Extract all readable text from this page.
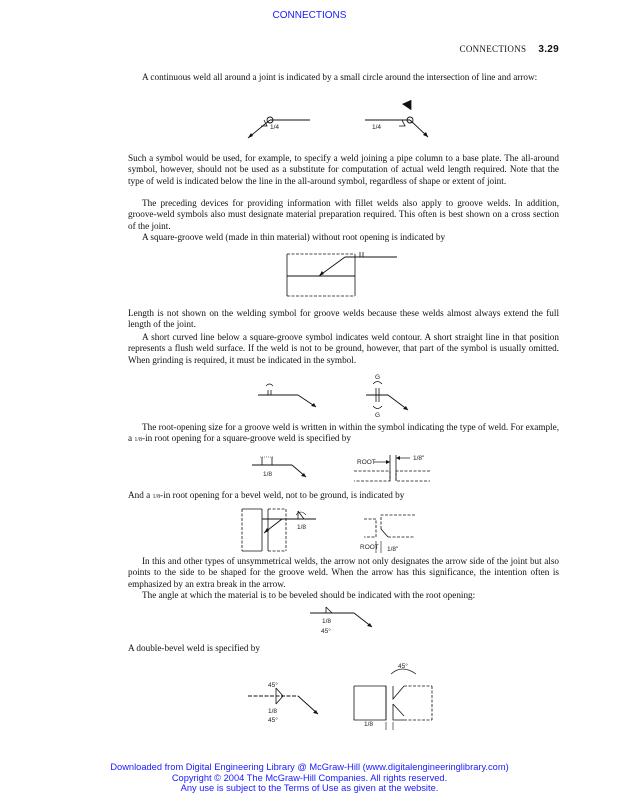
CONNECTIONS
CONNECTIONS 3.29
A continuous weld all around a joint is indicated by a small circle around the intersection of line and arrow:
1/4	1/4
Such a symbol would be used, for example, to specify a weld joining a pipe column to a base plate. The all-around symbol, however, should not be used as a substitute for computation of actual weld length required. Note that the type of weld is indicated below the line in the all-around symbol, regardless of shape or extent of joint.
The preceding devices for providing information with fillet welds also apply to groove welds. In addition, groove-weld symbols also must designate material preparation required. This often is best shown on a cross section of the joint.
A square-groove weld (made in thin material) without root opening is indicated by
Length is not shown on the welding symbol for groove welds because these welds almost always extend the full length of the joint.
A short curved line below a square-groove symbol indicates weld contour. A short straight line in that position represents a flush weld surface. If the weld is not to be ground, however, that part of the symbol is usually omitted. When grinding is required, it must be indicated in the symbol.
G
G
The root-opening size for a groove weld is written in within the symbol indicating the type of weld. For example, a 1/8-in root opening for a square-groove weld is specified by
1/8
ROOT
1/8"
And a 1/8-in root opening for a bevel weld, not to be ground, is indicated by
1/8
ROOT 1/8"
In this and other types of unsymmetrical welds, the arrow not only designates the arrow side of the joint but also points to the side to be shaped for the groove weld. When the arrow has this significance, the intention often is emphasized by an extra break in the arrow.
The angle at which the material is to be beveled should be indicated with the root opening:
1/8
45°
A double-bevel weld is specified by
45°
1/8
45°
45°
1/8
Downloaded from Digital Engineering Library @ McGraw-Hill (www.digitalengineeringlibrary.com)
Copyright © 2004 The McGraw-Hill Companies. All rights reserved.
Any use is subject to the Terms of Use as given at the website.
